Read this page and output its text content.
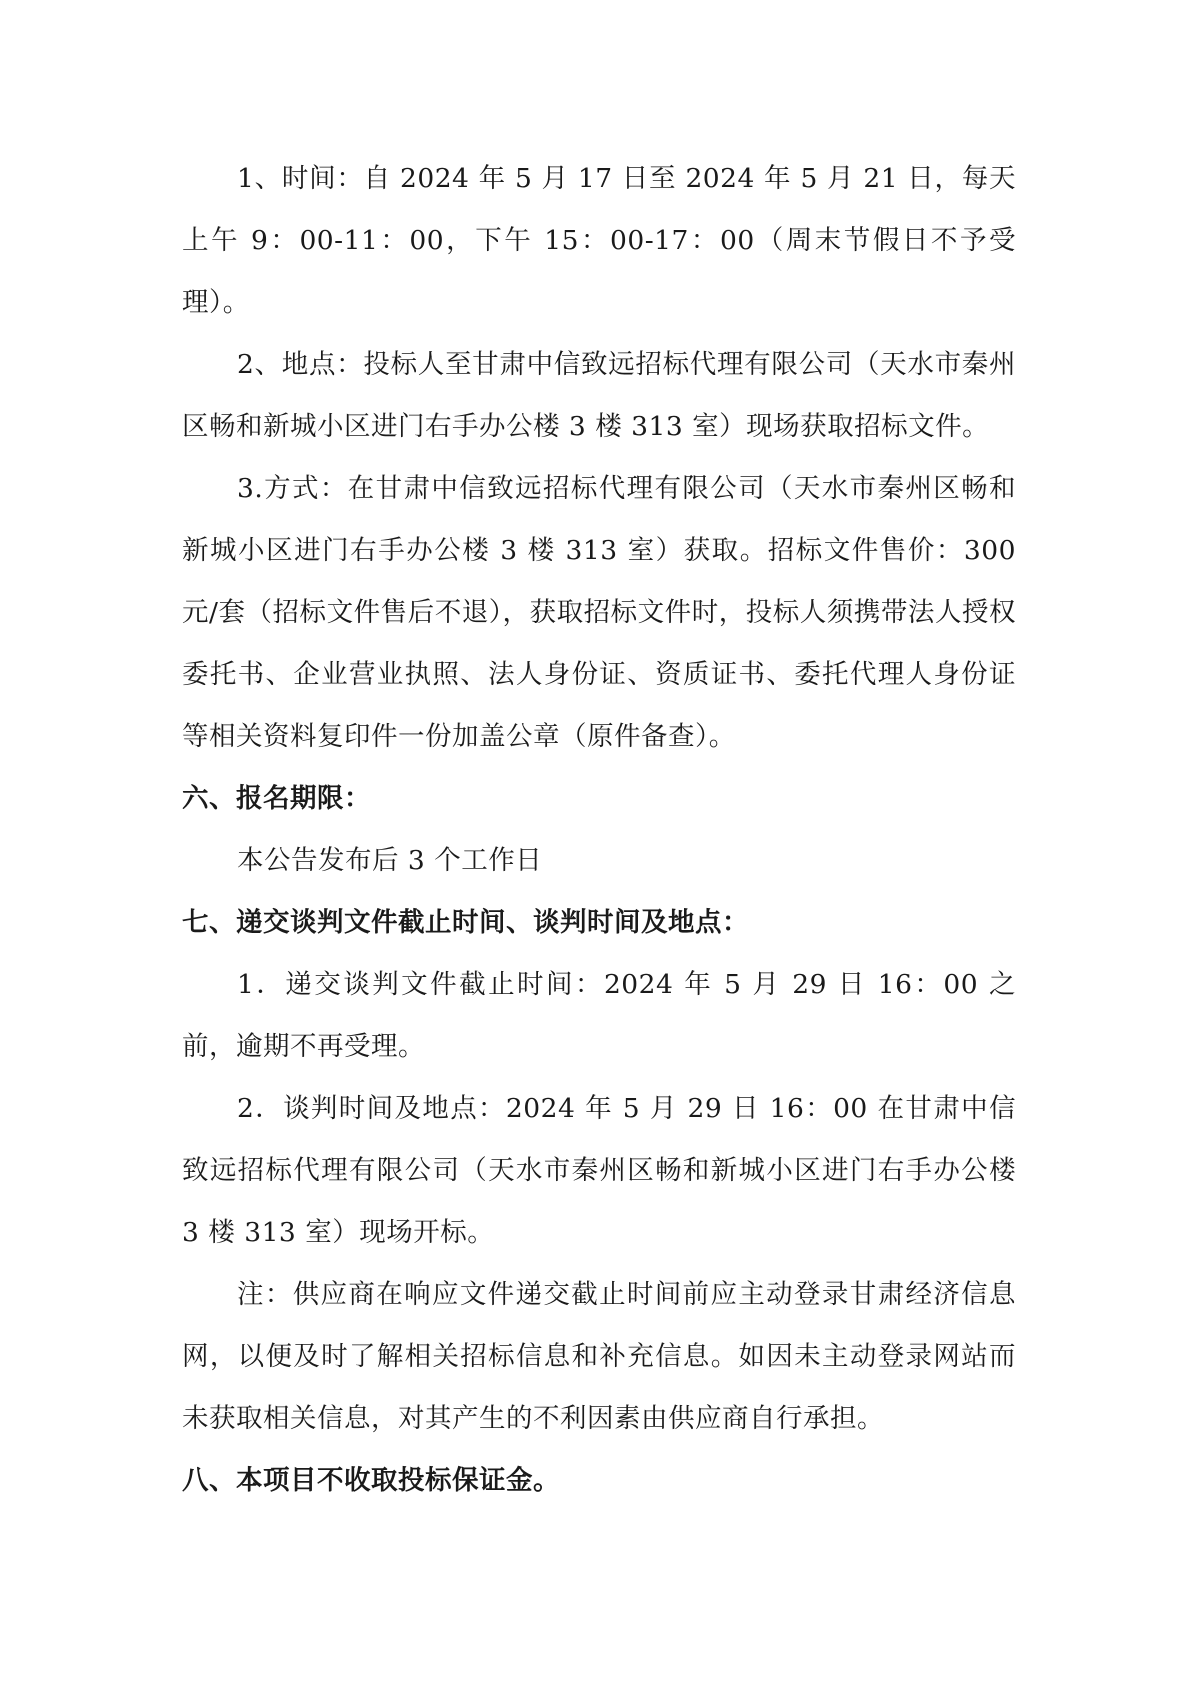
1、时间：自 2024 年 5 月 17 日至 2024 年 5 月 21 日，每天上午 9：00-11：00，下午 15：00-17：00（周末节假日不予受理）。

2、地点：投标人至甘肃中信致远招标代理有限公司（天水市秦州区畅和新城小区进门右手办公楼 3 楼 313 室）现场获取招标文件。

3.方式：在甘肃中信致远招标代理有限公司（天水市秦州区畅和新城小区进门右手办公楼 3 楼 313 室）获取。招标文件售价：300 元/套（招标文件售后不退），获取招标文件时，投标人须携带法人授权委托书、企业营业执照、法人身份证、资质证书、委托代理人身份证等相关资料复印件一份加盖公章（原件备查）。

六、报名期限：

本公告发布后 3 个工作日

七、递交谈判文件截止时间、谈判时间及地点：

1．递交谈判文件截止时间：2024 年 5 月 29 日 16：00 之前，逾期不再受理。

2．谈判时间及地点：2024 年 5 月 29 日 16：00 在甘肃中信致远招标代理有限公司（天水市秦州区畅和新城小区进门右手办公楼 3 楼 313 室）现场开标。

注：供应商在响应文件递交截止时间前应主动登录甘肃经济信息网，以便及时了解相关招标信息和补充信息。如因未主动登录网站而未获取相关信息，对其产生的不利因素由供应商自行承担。

八、本项目不收取投标保证金。
